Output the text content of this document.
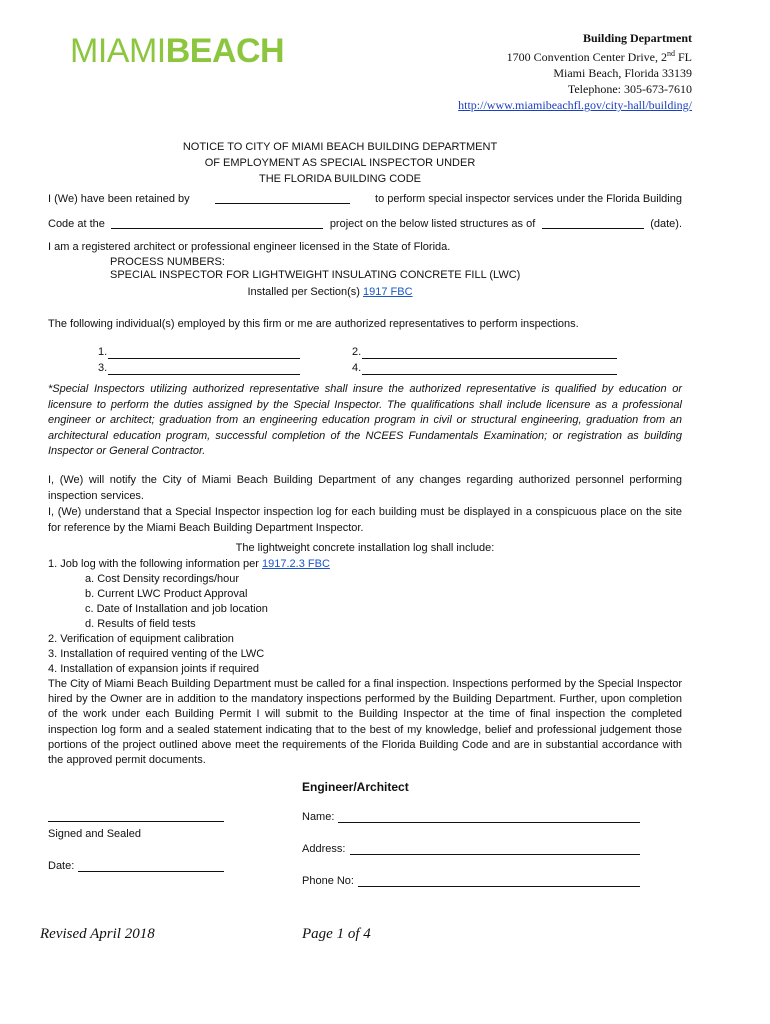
MIAMIBEACH	Building Department
1700 Convention Center Drive, 2nd FL
Miami Beach, Florida 33139
Telephone: 305-673-7610
http://www.miamibeachfl.gov/city-hall/building/
NOTICE TO CITY OF MIAMI BEACH BUILDING DEPARTMENT
OF EMPLOYMENT AS SPECIAL INSPECTOR UNDER
THE FLORIDA BUILDING CODE
I (We) have been retained by	to perform special inspector services under the Florida Building
Code at the	project on the below listed structures as of	(date).
I am a registered architect or professional engineer licensed in the State of Florida.
PROCESS NUMBERS:
SPECIAL INSPECTOR FOR LIGHTWEIGHT INSULATING CONCRETE FILL (LWC)
Installed per Section(s) 1917 FBC
The following individual(s) employed by this firm or me are authorized representatives to perform inspections.
1.	2.
3.	4.
*Special Inspectors utilizing authorized representative shall insure the authorized representative is qualified by education or licensure to perform the duties assigned by the Special Inspector. The qualifications shall include licensure as a professional engineer or architect; graduation from an engineering education program in civil or structural engineering, graduation from an architectural education program, successful completion of the NCEES Fundamentals Examination; or registration as building Inspector or General Contractor.
I, (We) will notify the City of Miami Beach Building Department of any changes regarding authorized personnel performing inspection services.
I, (We) understand that a Special Inspector inspection log for each building must be displayed in a conspicuous place on the site for reference by the Miami Beach Building Department Inspector.
The lightweight concrete installation log shall include:
1. Job log with the following information per 1917.2.3 FBC
a. Cost Density recordings/hour
b. Current LWC Product Approval
c. Date of Installation and job location
d. Results of field tests
2. Verification of equipment calibration
3. Installation of required venting of the LWC
4. Installation of expansion joints if required
The City of Miami Beach Building Department must be called for a final inspection. Inspections performed by the Special Inspector hired by the Owner are in addition to the mandatory inspections performed by the Building Department. Further, upon completion of the work under each Building Permit I will submit to the Building Inspector at the time of final inspection the completed inspection log form and a sealed statement indicating that to the best of my knowledge, belief and professional judgement those portions of the project outlined above meet the requirements of the Florida Building Code and are in substantial accordance with the approved permit documents.
Engineer/Architect
Signed and Sealed
Date:
Name:
Address:
Phone No:
Revised April 2018	Page 1 of 4
